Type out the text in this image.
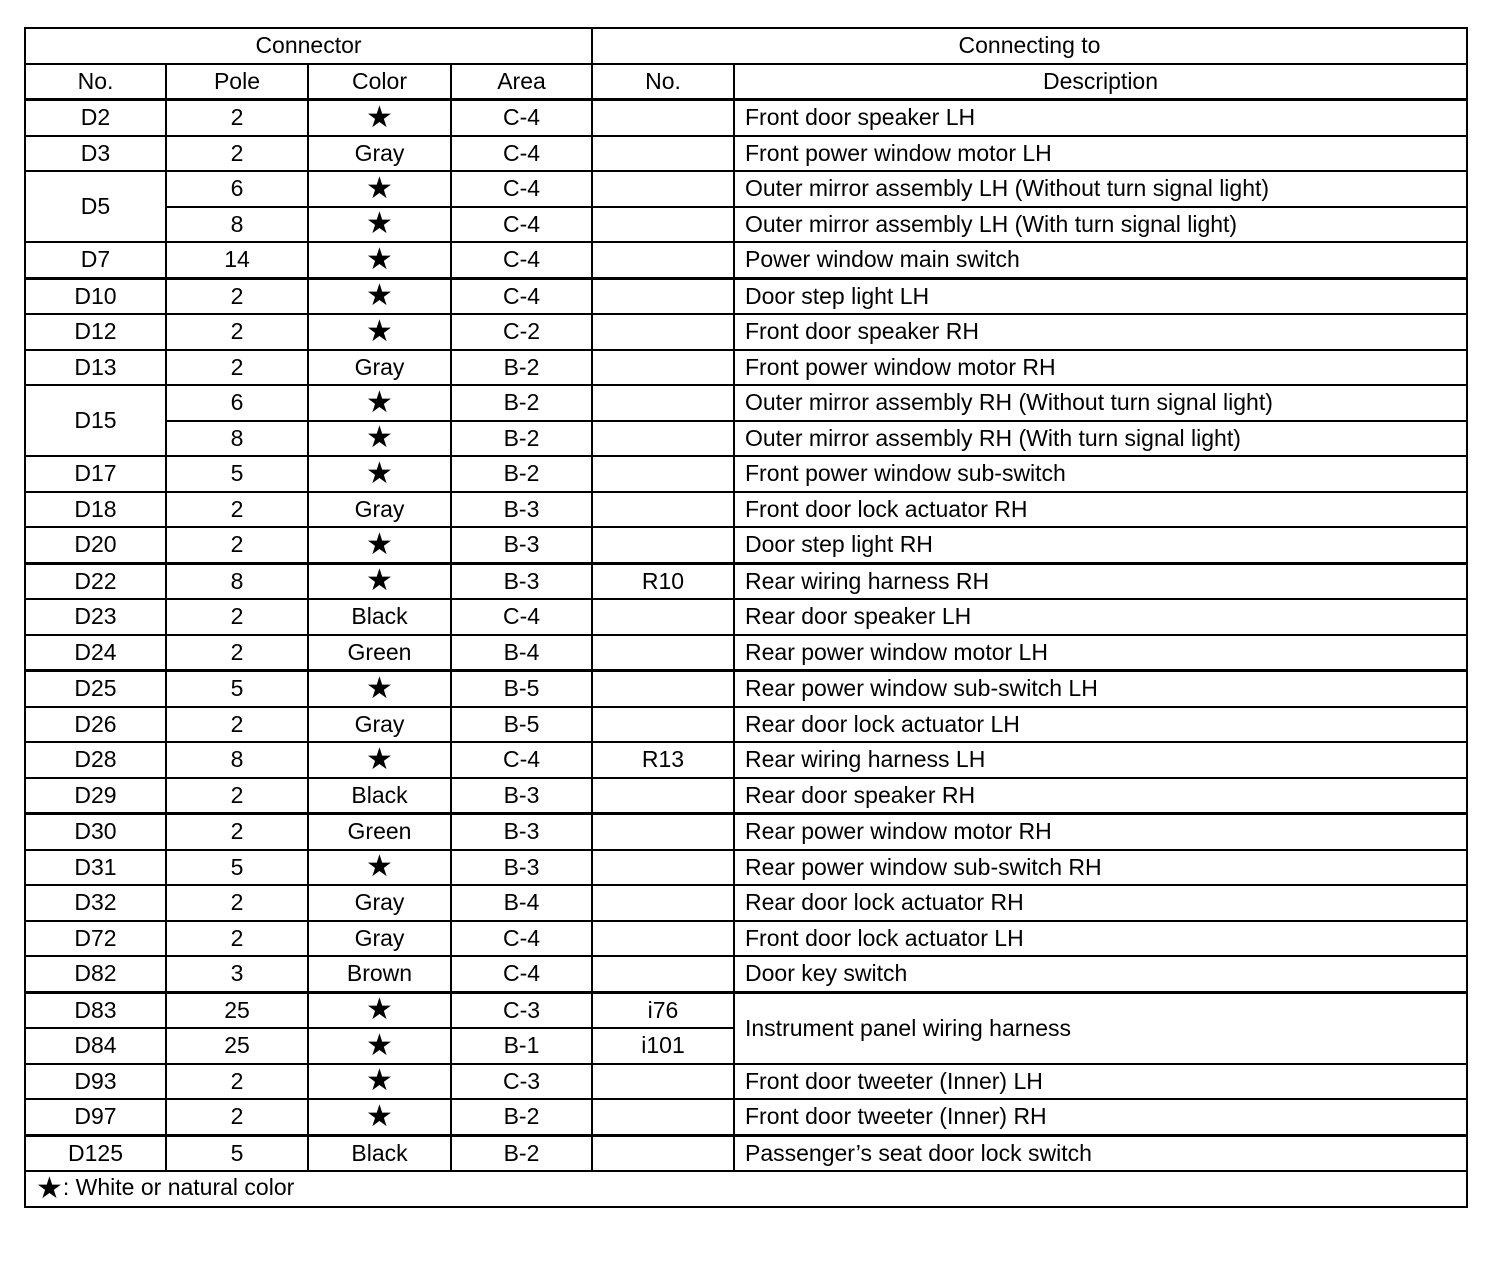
Connector				Connecting to	
No.	Pole	Color	Area	No.	Description
D2	2	★	C-4		Front door speaker LH
D3	2	Gray	C-4		Front power window motor LH
D5	6	★	C-4		Outer mirror assembly LH (Without turn signal light)
	8	★	C-4		Outer mirror assembly LH (With turn signal light)
D7	14	★	C-4		Power window main switch
D10	2	★	C-4		Door step light LH
D12	2	★	C-2		Front door speaker RH
D13	2	Gray	B-2		Front power window motor RH
D15	6	★	B-2		Outer mirror assembly RH (Without turn signal light)
	8	★	B-2		Outer mirror assembly RH (With turn signal light)
D17	5	★	B-2		Front power window sub-switch
D18	2	Gray	B-3		Front door lock actuator RH
D20	2	★	B-3		Door step light RH
D22	8	★	B-3	R10	Rear wiring harness RH
D23	2	Black	C-4		Rear door speaker LH
D24	2	Green	B-4		Rear power window motor LH
D25	5	★	B-5		Rear power window sub-switch LH
D26	2	Gray	B-5		Rear door lock actuator LH
D28	8	★	C-4	R13	Rear wiring harness LH
D29	2	Black	B-3		Rear door speaker RH
D30	2	Green	B-3		Rear power window motor RH
D31	5	★	B-3		Rear power window sub-switch RH
D32	2	Gray	B-4		Rear door lock actuator RH
D72	2	Gray	C-4		Front door lock actuator LH
D82	3	Brown	C-4		Door key switch
D83	25	★	C-3	i76	Instrument panel wiring harness
D84	25	★	B-1	i101	
D93	2	★	C-3		Front door tweeter (Inner) LH
D97	2	★	B-2		Front door tweeter (Inner) RH
D125	5	Black	B-2		Passenger’s seat door lock switch
★: White or natural color					
